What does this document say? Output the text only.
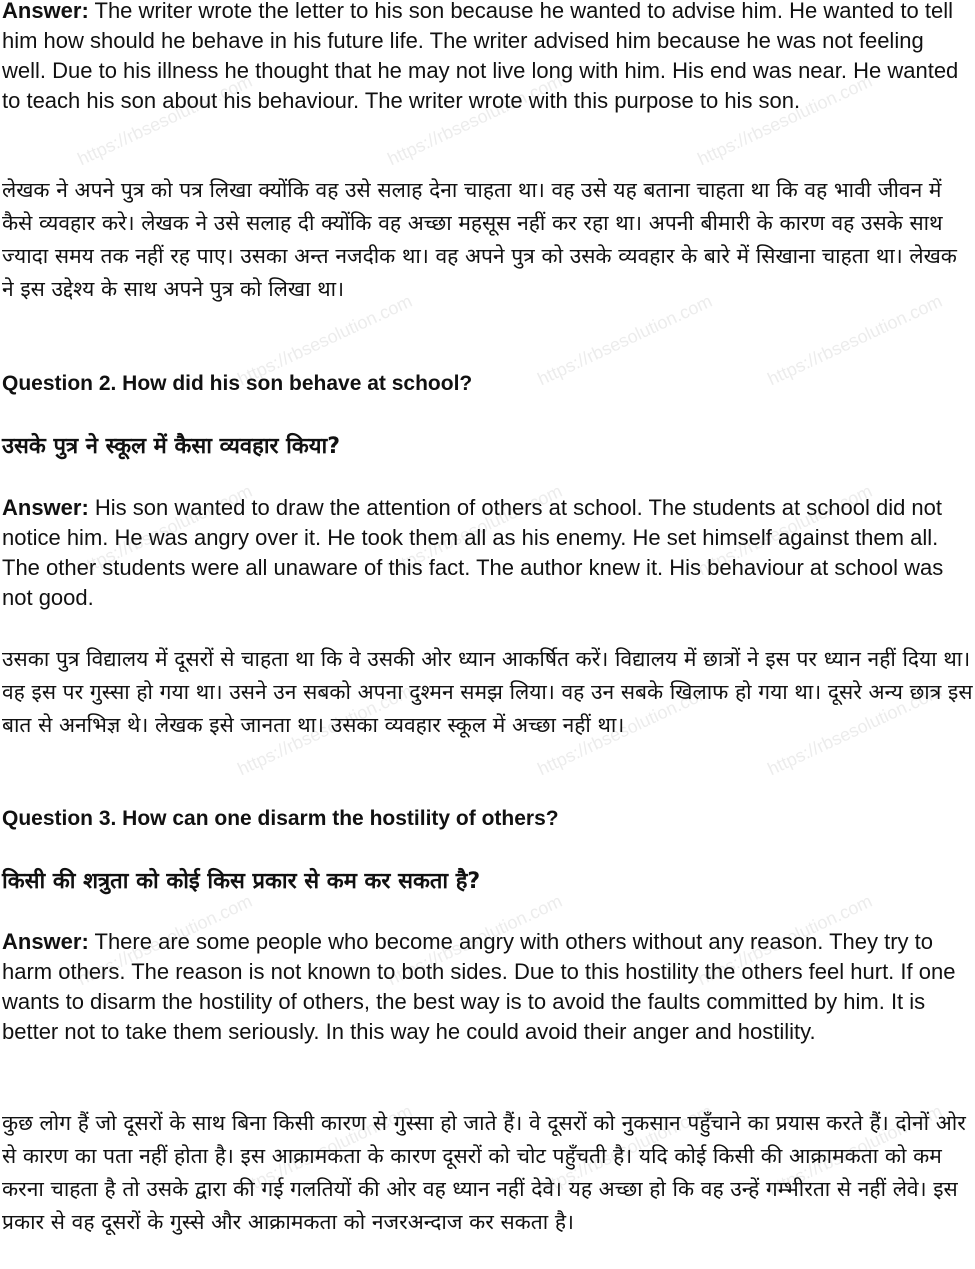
https://rbsesolution.com	https://rbsesolution.com	https://rbsesolution.com
https://rbsesolution.com	https://rbsesolution.com	https://rbsesolution.com
https://rbsesolution.com	https://rbsesolution.com	https://rbsesolution.com
https://rbsesolution.com	https://rbsesolution.com	https://rbsesolution.com
https://rbsesolution.com	https://rbsesolution.com	https://rbsesolution.com
https://rbsesolution.com	https://rbsesolution.com	https://rbsesolution.com

Answer: The writer wrote the letter to his son because he wanted to advise him. He wanted to tell him how should he behave in his future life. The writer advised him because he was not feeling well. Due to his illness he thought that he may not live long with him. His end was near. He wanted to teach his son about his behaviour. The writer wrote with this purpose to his son.

लेखक ने अपने पुत्र को पत्र लिखा क्योंकि वह उसे सलाह देना चाहता था। वह उसे यह बताना चाहता था कि वह भावी जीवन में कैसे व्यवहार करे। लेखक ने उसे सलाह दी क्योंकि वह अच्छा महसूस नहीं कर रहा था। अपनी बीमारी के कारण वह उसके साथ ज्यादा समय तक नहीं रह पाए। उसका अन्त नजदीक था। वह अपने पुत्र को उसके व्यवहार के बारे में सिखाना चाहता था। लेखक ने इस उद्देश्य के साथ अपने पुत्र को लिखा था।

Question 2. How did his son behave at school?

उसके पुत्र ने स्कूल में कैसा व्यवहार किया?

Answer: His son wanted to draw the attention of others at school. The students at school did not notice him. He was angry over it. He took them all as his enemy. He set himself against them all. The other students were all unaware of this fact. The author knew it. His behaviour at school was not good.

उसका पुत्र विद्यालय में दूसरों से चाहता था कि वे उसकी ओर ध्यान आकर्षित करें। विद्यालय में छात्रों ने इस पर ध्यान नहीं दिया था। वह इस पर गुस्सा हो गया था। उसने उन सबको अपना दुश्मन समझ लिया। वह उन सबके खिलाफ हो गया था। दूसरे अन्य छात्र इस बात से अनभिज्ञ थे। लेखक इसे जानता था। उसका व्यवहार स्कूल में अच्छा नहीं था।

Question 3. How can one disarm the hostility of others?

किसी की शत्रुता को कोई किस प्रकार से कम कर सकता है?

Answer: There are some people who become angry with others without any reason. They try to harm others. The reason is not known to both sides. Due to this hostility the others feel hurt. If one wants to disarm the hostility of others, the best way is to avoid the faults committed by him. It is better not to take them seriously. In this way he could avoid their anger and hostility.

कुछ लोग हैं जो दूसरों के साथ बिना किसी कारण से गुस्सा हो जाते हैं। वे दूसरों को नुकसान पहुँचाने का प्रयास करते हैं। दोनों ओर से कारण का पता नहीं होता है। इस आक्रामकता के कारण दूसरों को चोट पहुँचती है। यदि कोई किसी की आक्रामकता को कम करना चाहता है तो उसके द्वारा की गई गलतियों की ओर वह ध्यान नहीं देवे। यह अच्छा हो कि वह उन्हें गम्भीरता से नहीं लेवे। इस प्रकार से वह दूसरों के गुस्से और आक्रामकता को नजरअन्दाज कर सकता है।
